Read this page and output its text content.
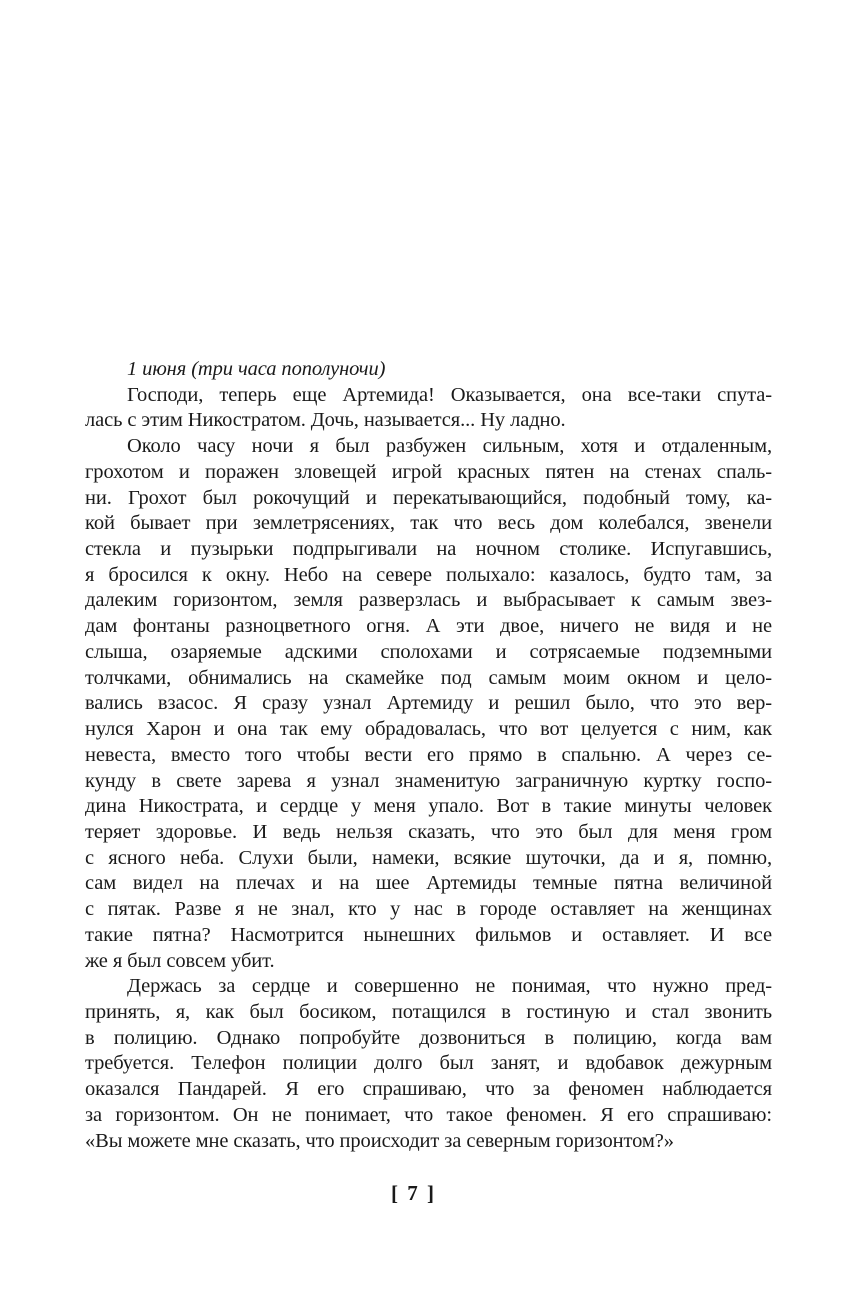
1 июня (три часа пополуночи)
Господи, теперь еще Артемида! Оказывается, она все-таки спута-
лась с этим Никостратом. Дочь, называется... Ну ладно.
Около часу ночи я был разбужен сильным, хотя и отдаленным,
грохотом и поражен зловещей игрой красных пятен на стенах спаль-
ни. Грохот был рокочущий и перекатывающийся, подобный тому, ка-
кой бывает при землетрясениях, так что весь дом колебался, звенели
стекла и пузырьки подпрыгивали на ночном столике. Испугавшись,
я бросился к окну. Небо на севере полыхало: казалось, будто там, за
далеким горизонтом, земля разверзлась и выбрасывает к самым звез-
дам фонтаны разноцветного огня. А эти двое, ничего не видя и не
слыша, озаряемые адскими сполохами и сотрясаемые подземными
толчками, обнимались на скамейке под самым моим окном и цело-
вались взасос. Я сразу узнал Артемиду и решил было, что это вер-
нулся Харон и она так ему обрадовалась, что вот целуется с ним, как
невеста, вместо того чтобы вести его прямо в спальню. А через се-
кунду в свете зарева я узнал знаменитую заграничную куртку госпо-
дина Никострата, и сердце у меня упало. Вот в такие минуты человек
теряет здоровье. И ведь нельзя сказать, что это был для меня гром
с ясного неба. Слухи были, намеки, всякие шуточки, да и я, помню,
сам видел на плечах и на шее Артемиды темные пятна величиной
с пятак. Разве я не знал, кто у нас в городе оставляет на женщинах
такие пятна? Насмотрится нынешних фильмов и оставляет. И все
же я был совсем убит.
Держась за сердце и совершенно не понимая, что нужно пред-
принять, я, как был босиком, потащился в гостиную и стал звонить
в полицию. Однако попробуйте дозвониться в полицию, когда вам
требуется. Телефон полиции долго был занят, и вдобавок дежурным
оказался Пандарей. Я его спрашиваю, что за феномен наблюдается
за горизонтом. Он не понимает, что такое феномен. Я его спрашиваю:
«Вы можете мне сказать, что происходит за северным горизонтом?»
[ 7 ]
